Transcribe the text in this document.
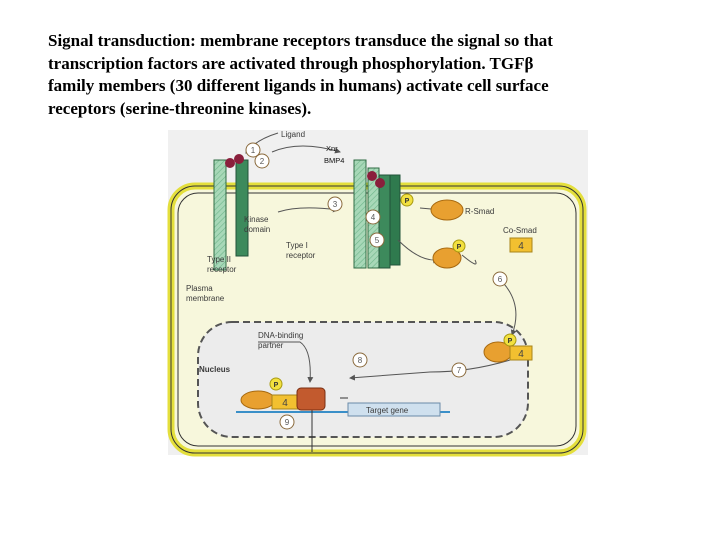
Signal transduction: membrane receptors transduce the signal so that
transcription factors are activated through phosphorylation. TGFβ
family members (30 different ligands in humans) activate cell surface
receptors (serine-threonine kinases).
1
2
3
4
5
6
7
8
9
P
P	4
P
4
P
4
Ligand
Xnr
BMP4
Kinase
domain
Type I
receptor
Type II
receptor
Plasma
membrane
R-Smad
Co-Smad
DNA-binding
partner
Nucleus
Target gene
